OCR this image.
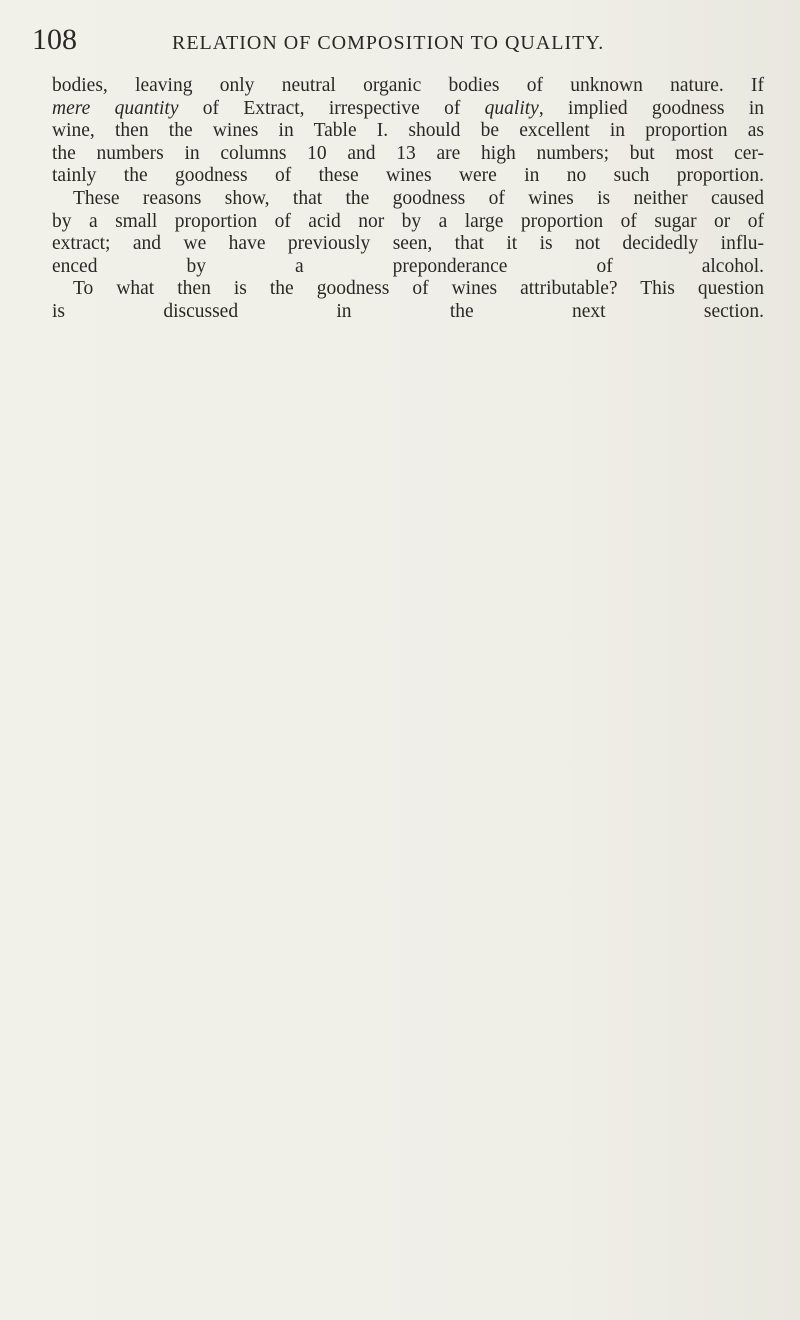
108	RELATION OF COMPOSITION TO QUALITY.

bodies, leaving only neutral organic bodies of unknown nature. If
mere quantity of Extract, irrespective of quality, implied goodness in
wine, then the wines in Table I. should be excellent in proportion as
the numbers in columns 10 and 13 are high numbers; but most cer-
tainly the goodness of these wines were in no such proportion.

These reasons show, that the goodness of wines is neither caused
by a small proportion of acid nor by a large proportion of sugar or of
extract; and we have previously seen, that it is not decidedly influ-
enced by a preponderance of alcohol.

To what then is the goodness of wines attributable? This question
is discussed in the next section.
